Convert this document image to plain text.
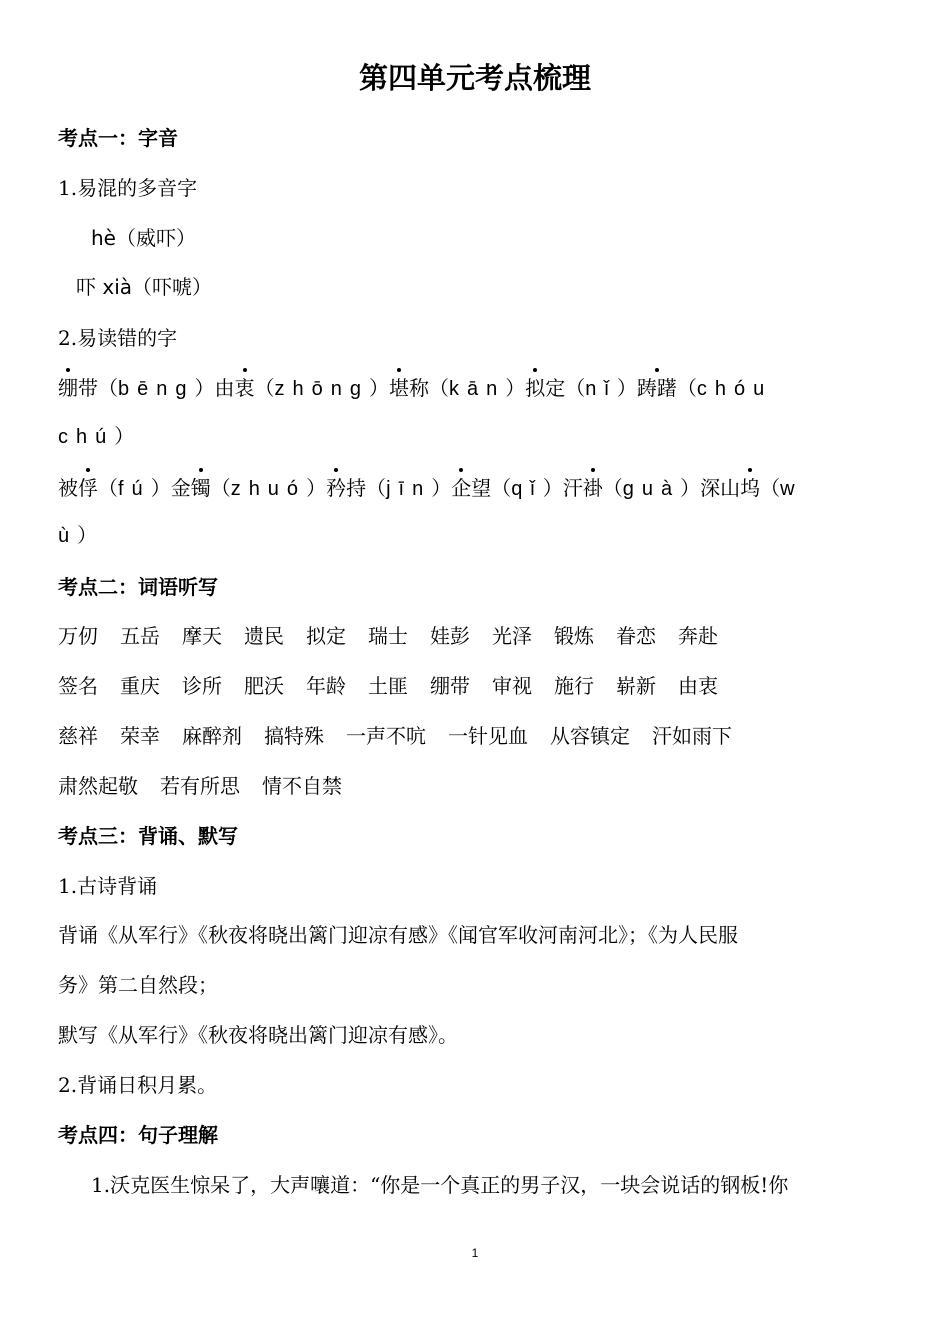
第四单元考点梳理
考点一：字音
1.易混的多音字
hè（威吓）
吓 xià（吓唬）
2.易读错的字
绷带（bēng）由衷（zhōng）堪称（kān）拟定（nǐ）踌躇（chóu
chú）
被俘（fú）金镯（zhuó）矜持（jīn）企望（qǐ）汗褂（guà）深山坞（w
ù）
考点二：词语听写
万仞 五岳 摩天 遗民 拟定 瑞士 娃彭 光泽 锻炼 眷恋 奔赴
签名 重庆 诊所 肥沃 年龄 土匪 绷带 审视 施行 崭新 由衷
慈祥 荣幸 麻醉剂 搞特殊 一声不吭 一针见血 从容镇定 汗如雨下
肃然起敬 若有所思 情不自禁
考点三：背诵、默写
1.古诗背诵
背诵《从军行》《秋夜将晓出篱门迎凉有感》《闻官军收河南河北》；《为人民服
务》第二自然段；
默写《从军行》《秋夜将晓出篱门迎凉有感》。
2.背诵日积月累。
考点四：句子理解
1.沃克医生惊呆了，大声嚷道：“你是一个真正的男子汉，一块会说话的钢板!你
1
